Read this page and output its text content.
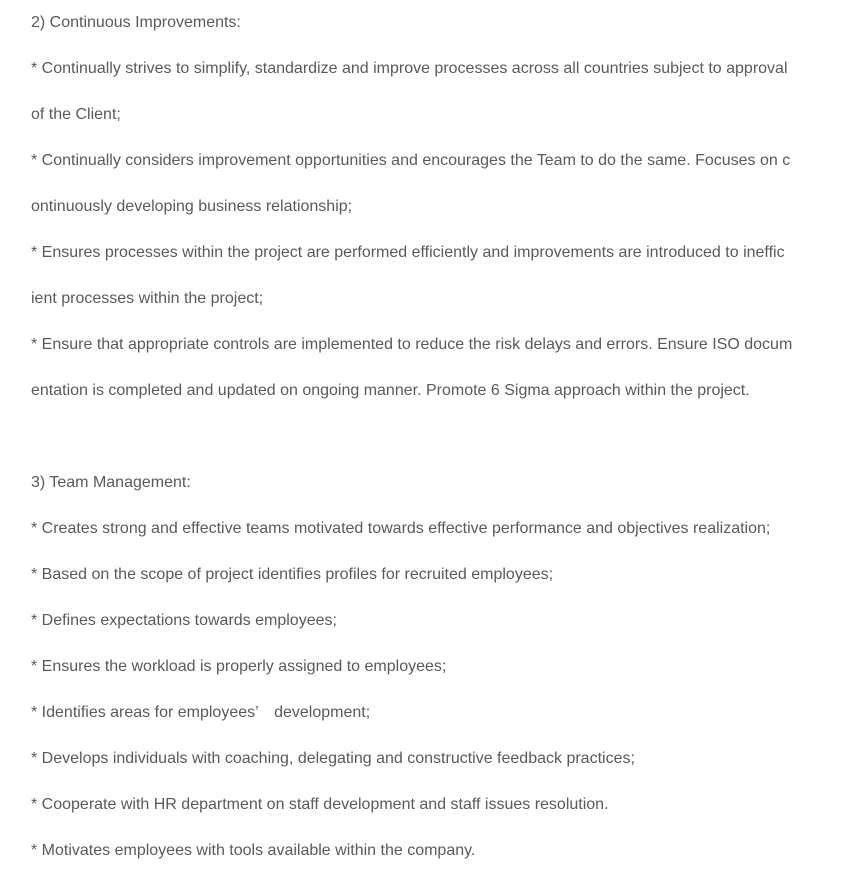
2) Continuous Improvements:
* Continually strives to simplify, standardize and improve processes across all countries subject to approval
of the Client;
* Continually considers improvement opportunities and encourages the Team to do the same. Focuses on c
ontinuously developing business relationship;
* Ensures processes within the project are performed efficiently and improvements are introduced to ineffic
ient processes within the project;
* Ensure that appropriate controls are implemented to reduce the risk delays and errors. Ensure ISO docum
entation is completed and updated on ongoing manner. Promote 6 Sigma approach within the project.
3) Team Management:
* Creates strong and effective teams motivated towards effective performance and objectives realization;
* Based on the scope of project identifies profiles for recruited employees;
* Defines expectations towards employees;
* Ensures the workload is properly assigned to employees;
* Identifies areas for employees’　development;
* Develops individuals with coaching, delegating and constructive feedback practices;
* Cooperate with HR department on staff development and staff issues resolution.
* Motivates employees with tools available within the company.
